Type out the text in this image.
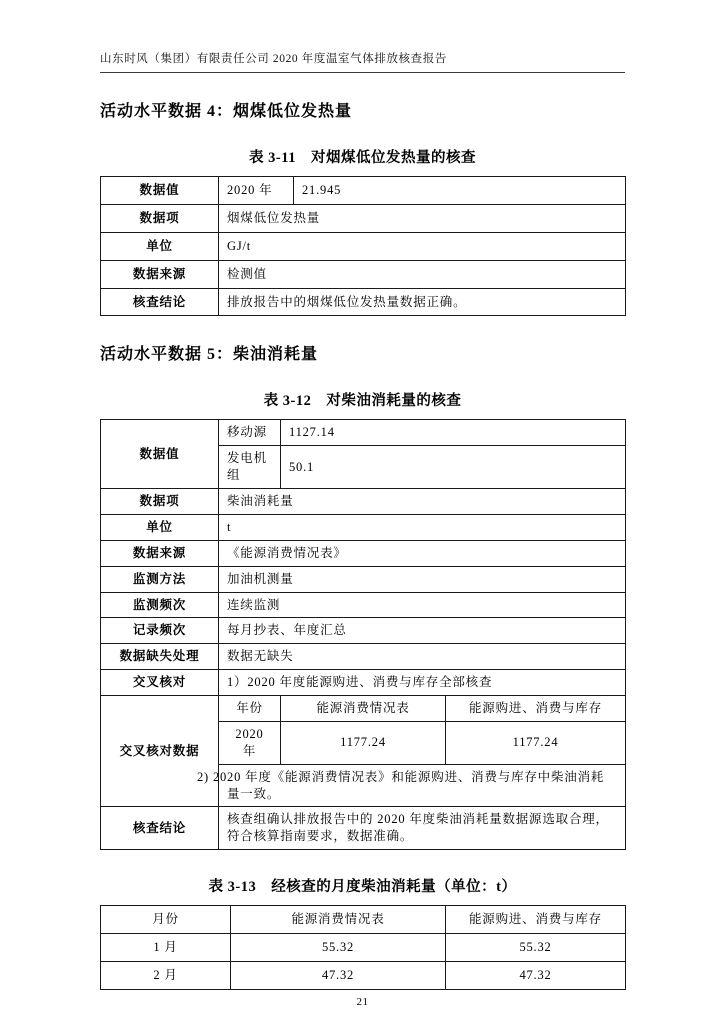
山东时风（集团）有限责任公司 2020 年度温室气体排放核查报告
活动水平数据 4：烟煤低位发热量
表 3-11　对烟煤低位发热量的核查
数据值	2020 年	21.945
数据项	烟煤低位发热量	
单位	GJ/t	
数据来源	检测值	
核查结论	排放报告中的烟煤低位发热量数据正确。	
活动水平数据 5：柴油消耗量
表 3-12　对柴油消耗量的核查
数据值	移动源	1127.14	
	发电机组	50.1	
数据项	柴油消耗量		
单位	t		
数据来源	《能源消费情况表》		
监测方法	加油机测量		
监测频次	连续监测		
记录频次	每月抄表、年度汇总		
数据缺失处理	数据无缺失		
交叉核对	1）2020 年度能源购进、消费与库存全部核查		
交叉核对数据	年份	能源消费情况表	能源购进、消费与库存
	2020 年	1177.24	1177.24
	2) 2020 年度《能源消费情况表》和能源购进、消费与库存中柴油消耗量一致。		
核查结论	核查组确认排放报告中的 2020 年度柴油消耗量数据源选取合理，符合核算指南要求，数据准确。		
表 3-13　经核查的月度柴油消耗量（单位：t）
月份	能源消费情况表	能源购进、消费与库存
1 月	55.32	55.32
2 月	47.32	47.32
21
